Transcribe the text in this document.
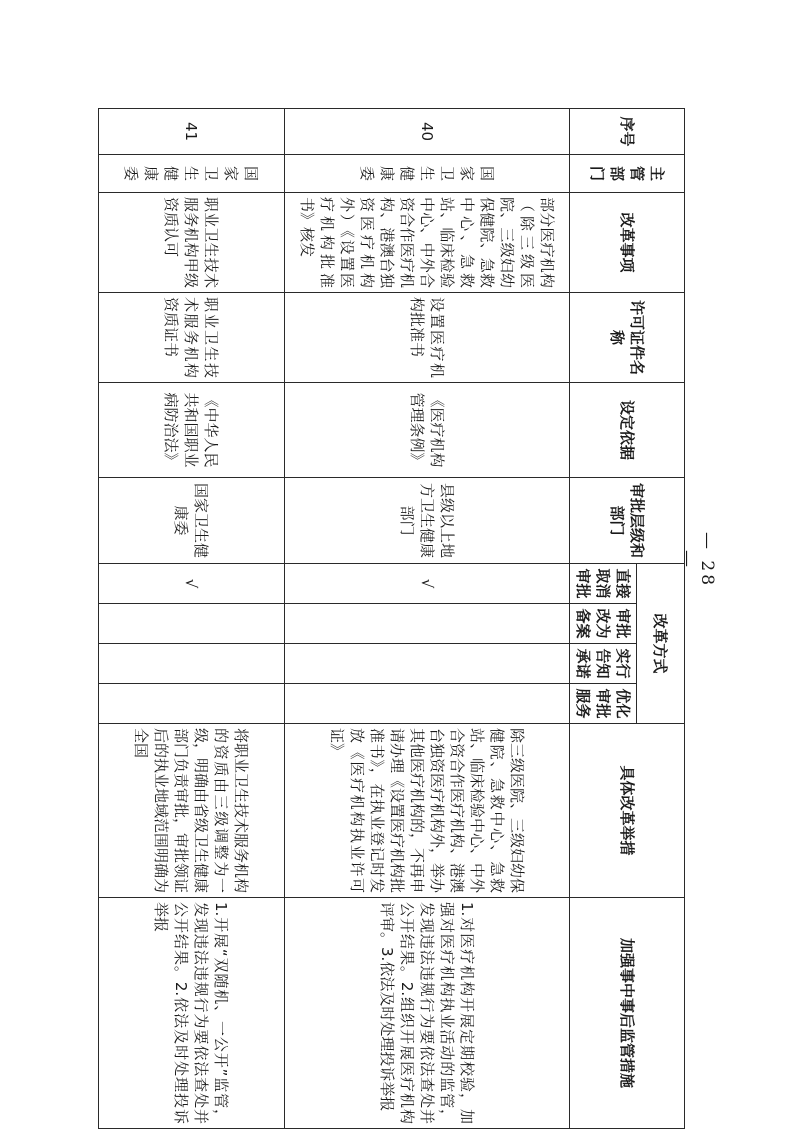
序号	主管部门	改革事项	许可证件名称	设定依据	审批层级和部门	改革方式				具体改革举措	加强事中事后监管措施
						直接取消审批	审批改为备案	实行告知承诺	优化审批服务		
40	国家卫生健康委	部分医疗机构（除三级医院、三级妇幼保健院、急救中心、急救站、临床检验中心、中外合资合作医疗机构、港澳台独资医疗机构外）《设置医疗机构批准书》核发	设置医疗机构批准书	《医疗机构管理条例》	县级以上地方卫生健康部门	√				除三级医院、三级妇幼保健院、急救中心、急救站、临床检验中心、中外合资合作医疗机构、港澳台独资医疗机构外，举办其他医疗机构的，不再申请办理《设置医疗机构批准书》，在执业登记时发放《医疗机构执业许可证》	1.对医疗机构开展定期校验，加强对医疗机构执业活动的监管，发现违法违规行为要依法查处并公开结果。2.组织开展医疗机构评审。3.依法及时处理投诉举报
41	国家卫生健康委	职业卫生技术服务机构甲级资质认可	职业卫生技术服务机构资质证书	《中华人民共和国职业病防治法》	国家卫生健康委	√				将职业卫生技术服务机构的资质由三级调整为一级，明确由省级卫生健康部门负责审批，审批领证后的执业地域范围明确为全国	1.开展“双随机、一公开”监管，发现违法违规行为要依法查处并公开结果。2.依法及时处理投诉举报
— 28 —
